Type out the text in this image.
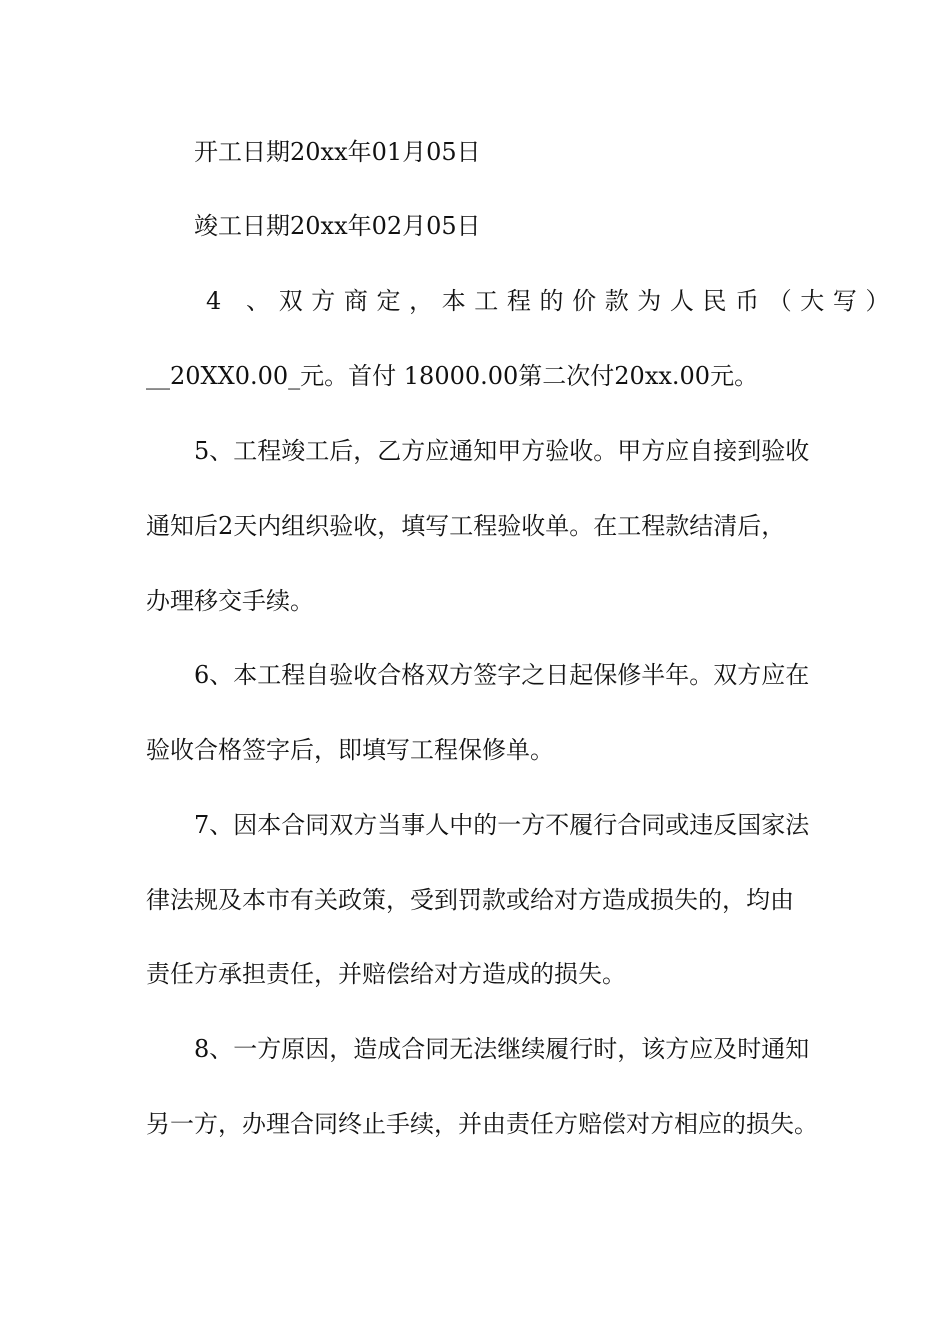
开工日期20xx年01月05日
竣工日期20xx年02月05日
4 、双方商定，本工程的价款为人民币（大写）
__20XX0.00_元。首付 18000.00第二次付20xx.00元。
5、工程竣工后，乙方应通知甲方验收。甲方应自接到验收
通知后2天内组织验收，填写工程验收单。在工程款结清后，
办理移交手续。
6、本工程自验收合格双方签字之日起保修半年。双方应在
验收合格签字后，即填写工程保修单。
7、因本合同双方当事人中的一方不履行合同或违反国家法
律法规及本市有关政策，受到罚款或给对方造成损失的，均由
责任方承担责任，并赔偿给对方造成的损失。
8、一方原因，造成合同无法继续履行时，该方应及时通知
另一方，办理合同终止手续，并由责任方赔偿对方相应的损失。
